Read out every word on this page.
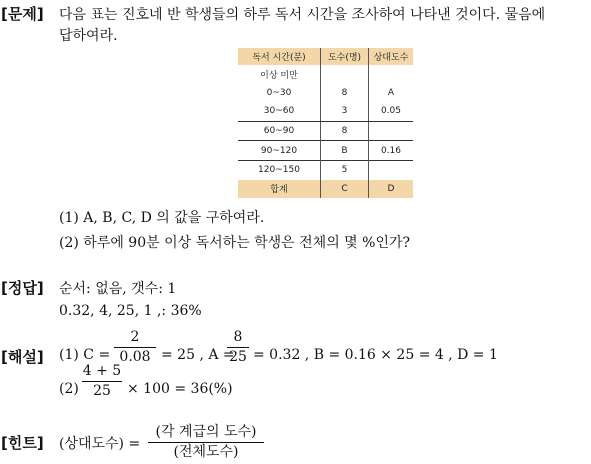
[문제] 다음 표는 진호네 반 학생들의 하루 독서 시간을 조사하여 나타낸 것이다. 물음에
답하여라.
독서 시간(분)	도수(명)	상대도수
이상 미만		
0~30	8	A
30~60	3	0.05
60~90	8	
90~120	B	0.16
120~150	5	
합계	C	D
(1) A, B, C, D 의 값을 구하여라.
(2) 하루에 90분 이상 독서하는 학생은 전체의 몇 %인가?
[정답] 순서: 없음, 갯수: 1
0.32, 4, 25, 1 ,: 36%
[해설] (1) C =
2
0.08 = 25 , A =
8
25 = 0.32 , B = 0.16 × 25 = 4 , D = 1
(2)
4 + 5
25	× 100 = 36(%)
[힌트] (상대도수) =
(각 계급의 도수)
(전체도수)
